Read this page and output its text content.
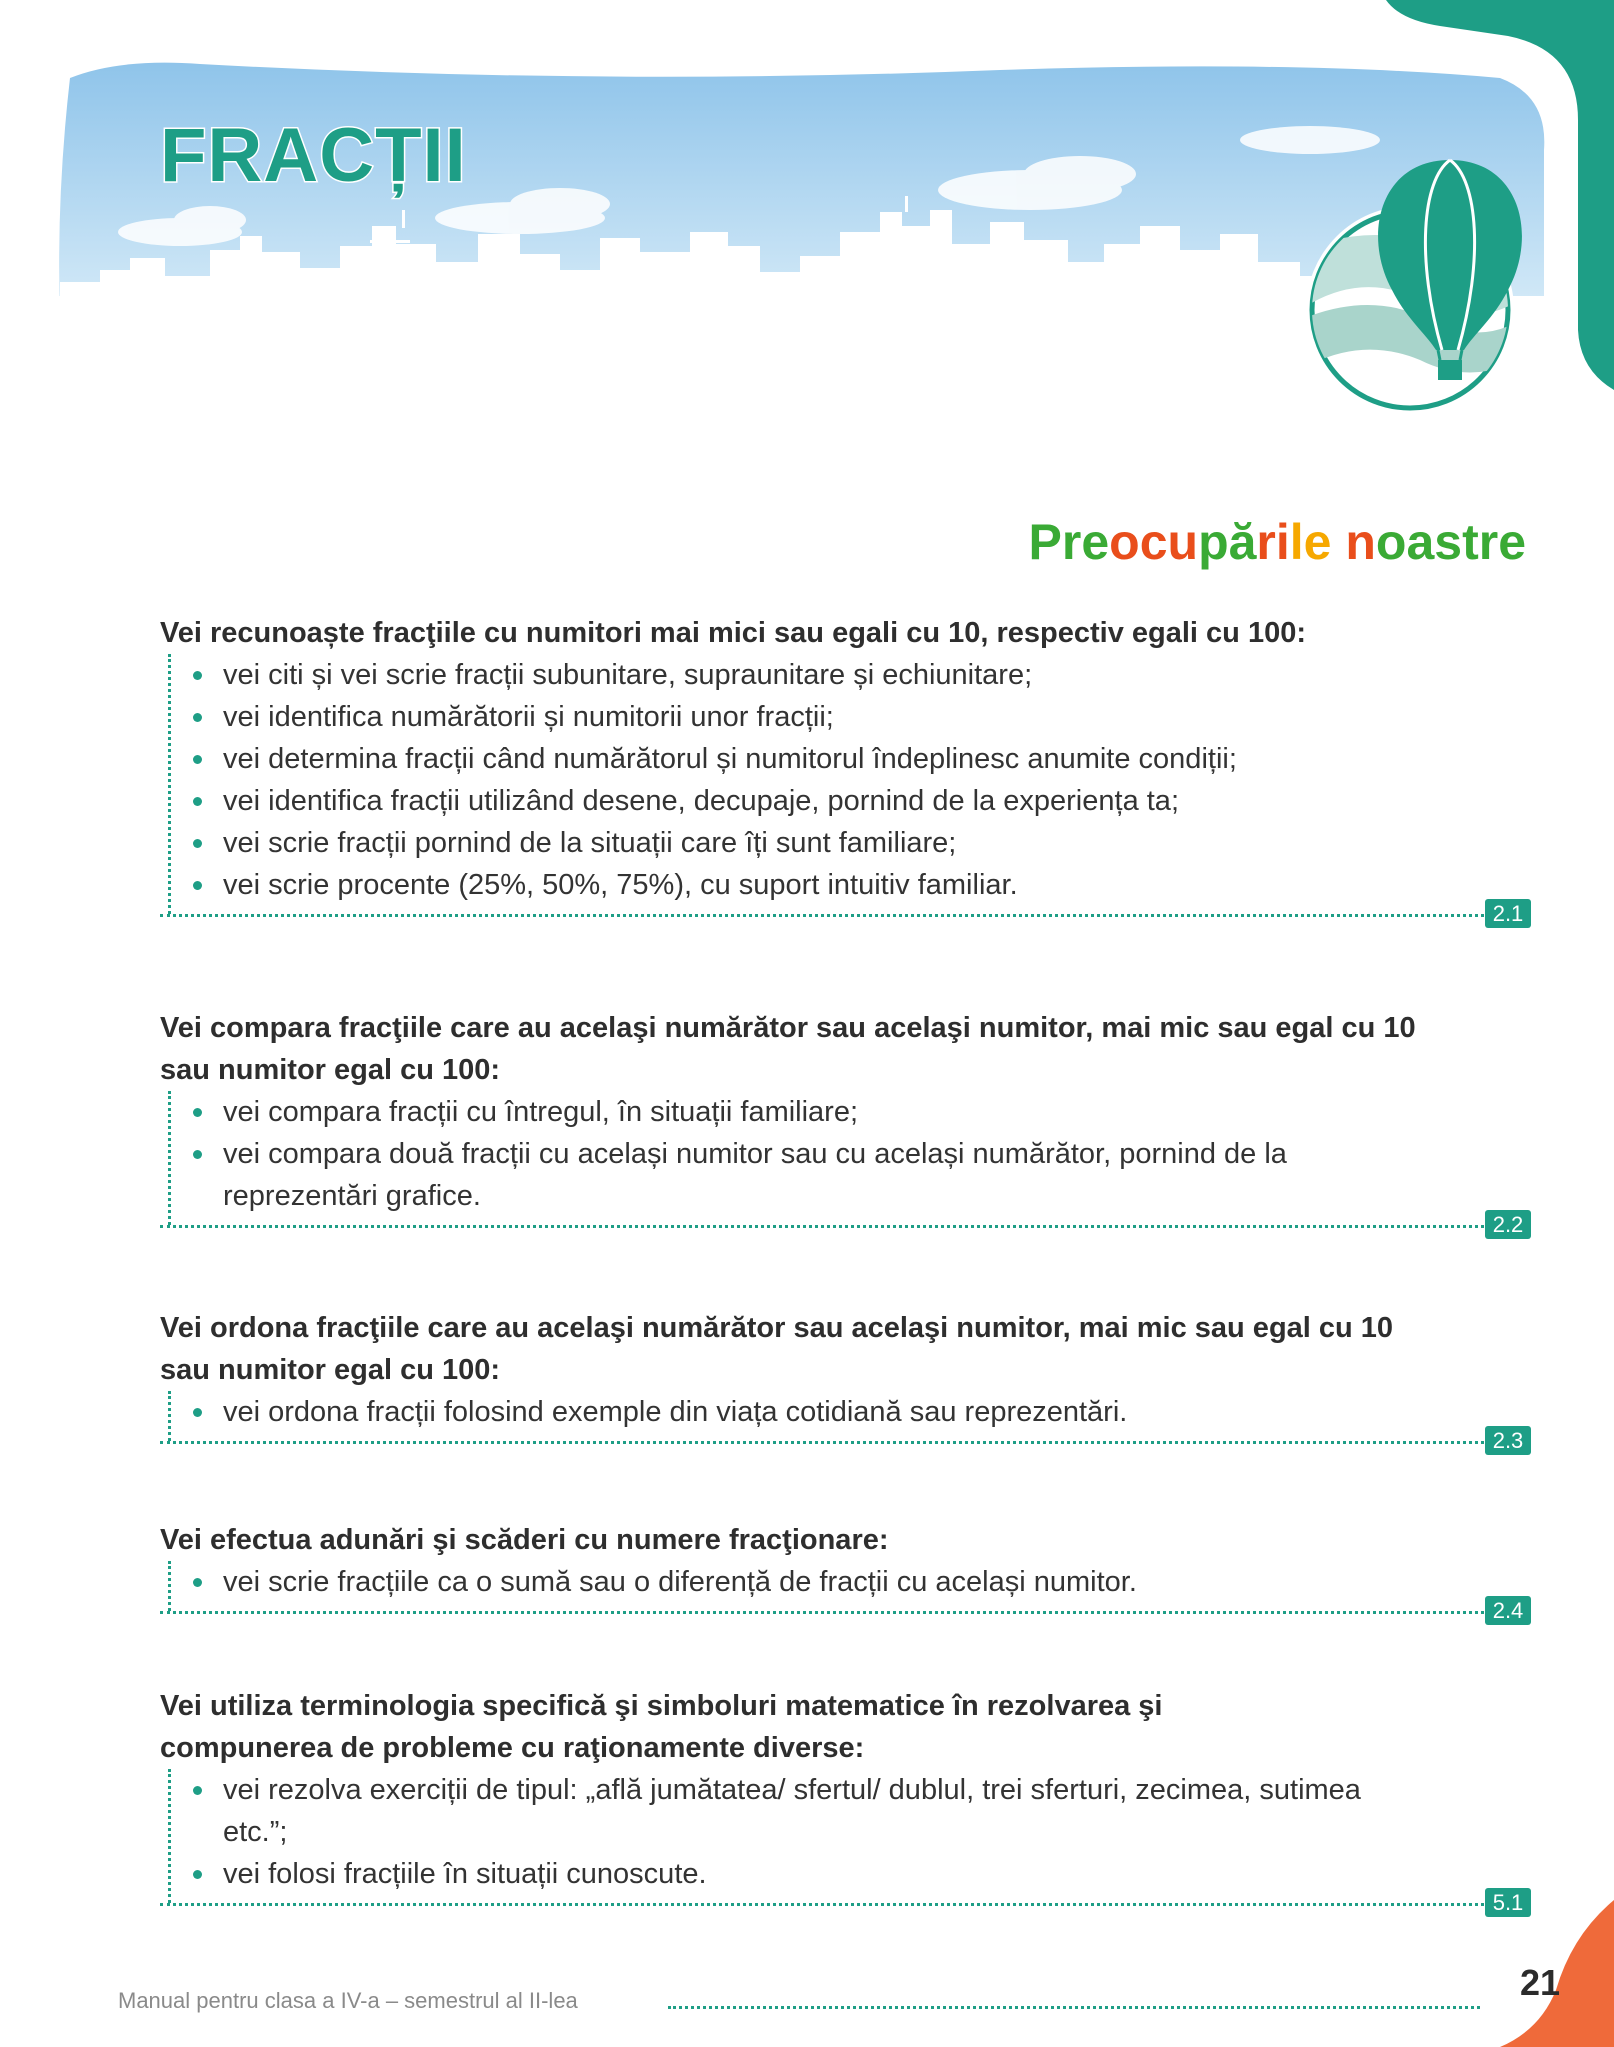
FRACȚII
Preocupările noastre

Vei recunoaște fracţiile cu numitori mai mici sau egali cu 10, respectiv egali cu 100:

vei citi și vei scrie fracții subunitare, supraunitare și echiunitare;
vei identifica numărătorii și numitorii unor fracții;
vei determina fracții când numărătorul și numitorul îndeplinesc anumite condiții;
vei identifica fracții utilizând desene, decupaje, pornind de la experiența ta;
vei scrie fracții pornind de la situații care îți sunt familiare;
vei scrie procente (25%, 50%, 75%), cu suport intuitiv familiar.
2.1

Vei compara fracţiile care au acelaşi numărător sau acelaşi numitor, mai mic sau egal cu 10 sau numitor egal cu 100:

vei compara fracții cu întregul, în situații familiare;
vei compara două fracții cu același numitor sau cu același numărător, pornind de la reprezentări grafice.
2.2

Vei ordona fracţiile care au acelaşi numărător sau acelaşi numitor, mai mic sau egal cu 10 sau numitor egal cu 100:

vei ordona fracții folosind exemple din viața cotidiană sau reprezentări.
2.3

Vei efectua adunări şi scăderi cu numere fracţionare:

vei scrie fracțiile ca o sumă sau o diferență de fracții cu același numitor.
2.4

Vei utiliza terminologia specifică şi simboluri matematice în rezolvarea şi compunerea de probleme cu raţionamente diverse:

vei rezolva exerciții de tipul: „află jumătatea/ sfertul/ dublul, trei sferturi, zecimea, sutimea etc.”;
vei folosi fracțiile în situații cunoscute.
5.1
Manual pentru clasa a IV-a – semestrul al II-lea	21
